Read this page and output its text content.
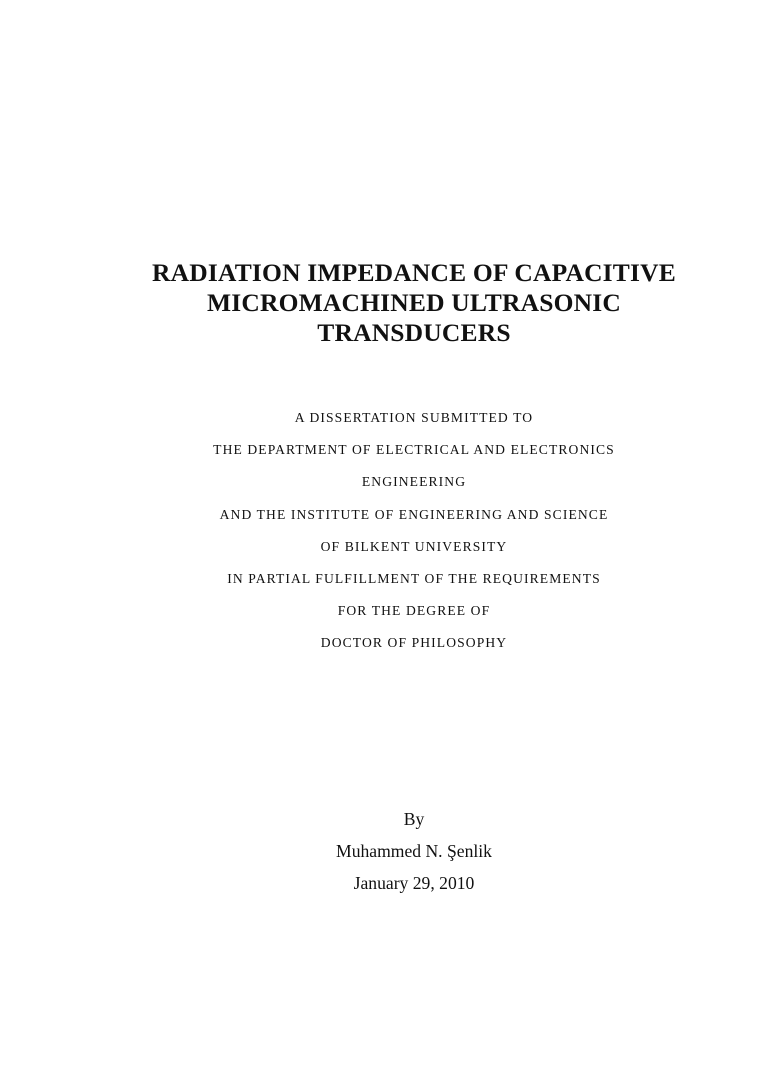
RADIATION IMPEDANCE OF CAPACITIVE
MICROMACHINED ULTRASONIC
TRANSDUCERS
A DISSERTATION SUBMITTED TO
THE DEPARTMENT OF ELECTRICAL AND ELECTRONICS
ENGINEERING
AND THE INSTITUTE OF ENGINEERING AND SCIENCE
OF BILKENT UNIVERSITY
IN PARTIAL FULFILLMENT OF THE REQUIREMENTS
FOR THE DEGREE OF
DOCTOR OF PHILOSOPHY
By
Muhammed N. Şenlik
January 29, 2010
